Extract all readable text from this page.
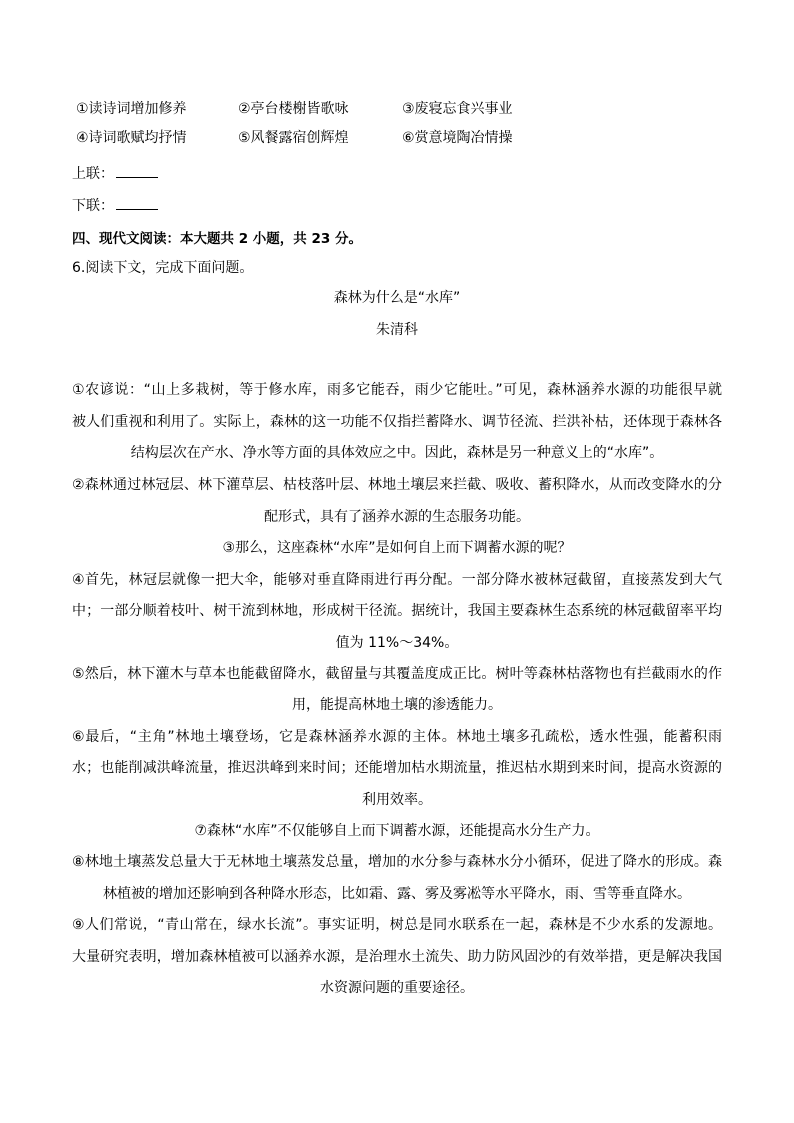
①读诗词增加修养	②亭台楼榭皆歌咏	③废寝忘食兴事业
④诗词歌赋均抒情	⑤风餐露宿创辉煌	⑥赏意境陶冶情操
上联：
下联：
四、现代文阅读：本大题共 2 小题，共 23 分。
6.阅读下文，完成下面问题。
森林为什么是“水库”
朱清科
①农谚说：“山上多栽树，等于修水库，雨多它能吞，雨少它能吐。”可见，森林涵养水源的功能很早就
被人们重视和利用了。实际上，森林的这一功能不仅指拦蓄降水、调节径流、拦洪补枯，还体现于森林各
结构层次在产水、净水等方面的具体效应之中。因此，森林是另一种意义上的“水库”。
②森林通过林冠层、林下灌草层、枯枝落叶层、林地土壤层来拦截、吸收、蓄积降水，从而改变降水的分
配形式，具有了涵养水源的生态服务功能。
③那么，这座森林“水库”是如何自上而下调蓄水源的呢？
④首先，林冠层就像一把大伞，能够对垂直降雨进行再分配。一部分降水被林冠截留，直接蒸发到大气
中；一部分顺着枝叶、树干流到林地，形成树干径流。据统计，我国主要森林生态系统的林冠截留率平均
值为 11%～34%。
⑤然后，林下灌木与草本也能截留降水，截留量与其覆盖度成正比。树叶等森林枯落物也有拦截雨水的作
用，能提高林地土壤的渗透能力。
⑥最后，“主角”林地土壤登场，它是森林涵养水源的主体。林地土壤多孔疏松，透水性强，能蓄积雨
水；也能削减洪峰流量，推迟洪峰到来时间；还能增加枯水期流量，推迟枯水期到来时间，提高水资源的
利用效率。
⑦森林“水库”不仅能够自上而下调蓄水源，还能提高水分生产力。
⑧林地土壤蒸发总量大于无林地土壤蒸发总量，增加的水分参与森林水分小循环，促进了降水的形成。森
林植被的增加还影响到各种降水形态，比如霜、露、雾及雾凇等水平降水，雨、雪等垂直降水。
⑨人们常说，“青山常在，绿水长流”。事实证明，树总是同水联系在一起，森林是不少水系的发源地。
大量研究表明，增加森林植被可以涵养水源，是治理水土流失、助力防风固沙的有效举措，更是解决我国
水资源问题的重要途径。
